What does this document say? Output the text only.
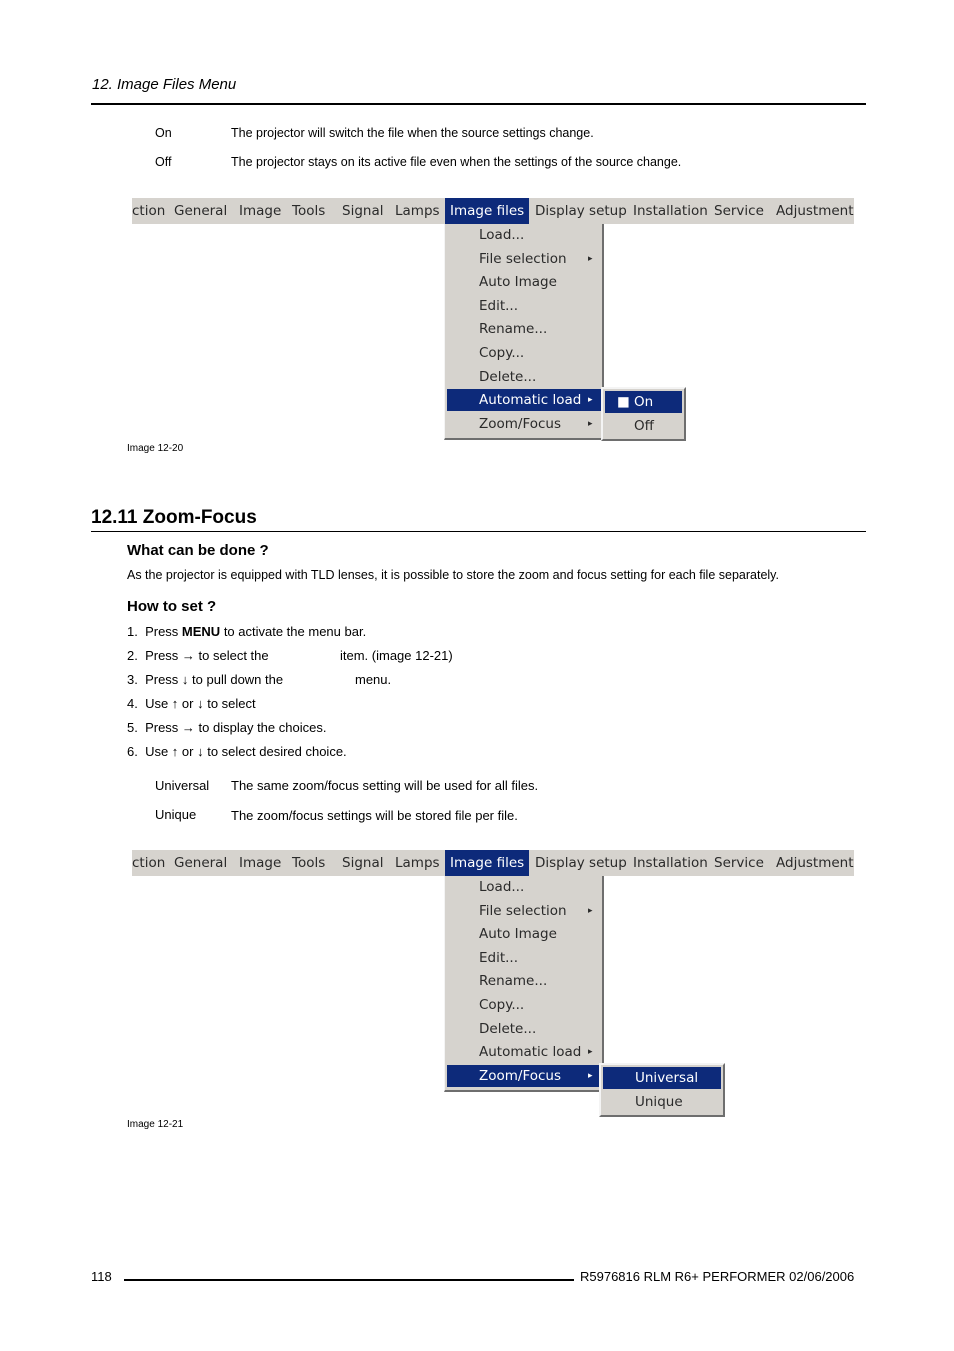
12. Image Files Menu
On	The projector will switch the file when the source settings change.
Off	The projector stays on its active file even when the settings of the source change.
ction General Image Tools Signal Lamps Image files Display setup Installation Service Adjustment
Load...
File selection ▸
Auto Image
Edit...
Rename...
Copy...
Delete...
Automatic load ▸
Zoom/Focus	▸
■ On
Off
Image 12-20
12.11 Zoom-Focus
What can be done ?
As the projector is equipped with TLD lenses, it is possible to store the zoom and focus setting for each file separately.
How to set ?
1. Press MENU to activate the menu bar.
2. Press → to select the	item. (image 12-21)
3. Press ↓ to pull down the	menu.
4. Use ↑ or ↓ to select
5. Press → to display the choices.
6. Use ↑ or ↓ to select desired choice.
Universal The same zoom/focus setting will be used for all files.
Unique	The zoom/focus settings will be stored file per file.
ction General Image Tools Signal Lamps Image files Display setup Installation Service Adjustment
Load...
File selection ▸
Auto Image
Edit...
Rename...
Copy...
Delete...
Automatic load ▸
Zoom/Focus	▸	Universal
Unique
Image 12-21
118	R5976816 RLM R6+ PERFORMER 02/06/2006
